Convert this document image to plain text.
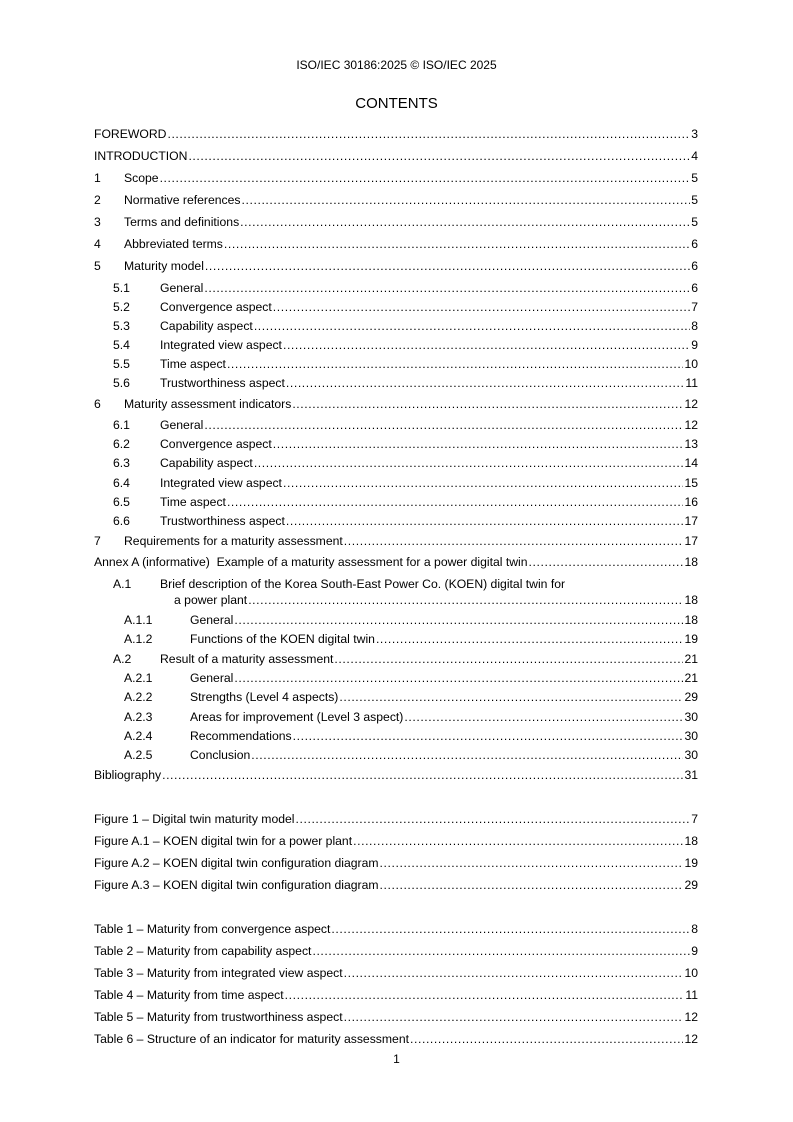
ISO/IEC 30186:2025 © ISO/IEC 2025
CONTENTS
FOREWORD .....	3
INTRODUCTION .....	4
1	Scope .....	5
2	Normative references .....	5
3	Terms and definitions .....	5
4	Abbreviated terms .....	6
5	Maturity model .....	6
5.1	General .....	6
5.2	Convergence aspect .....	7
5.3	Capability aspect .....	8
5.4	Integrated view aspect .....	9
5.5	Time aspect .....	10
5.6	Trustworthiness aspect .....	11
6	Maturity assessment indicators .....	12
6.1	General .....	12
6.2	Convergence aspect .....	13
6.3	Capability aspect .....	14
6.4	Integrated view aspect .....	15
6.5	Time aspect .....	16
6.6	Trustworthiness aspect .....	17
7	Requirements for a maturity assessment .....	17
Annex A (informative)  Example of a maturity assessment for a power digital twin .....	18
A.1 Brief description of the Korea South-East Power Co. (KOEN) digital twin for
a power plant .....	18
A.1.1	General .....	18
A.1.2	Functions of the KOEN digital twin .....	19
A.2	Result of a maturity assessment .....	21
A.2.1	General .....	21
A.2.2	Strengths (Level 4 aspects) .....	29
A.2.3	Areas for improvement (Level 3 aspect) .....	30
A.2.4	Recommendations .....	30
A.2.5	Conclusion .....	30
Bibliography .....	31
Figure 1 – Digital twin maturity model .....	7
Figure A.1 – KOEN digital twin for a power plant .....	18
Figure A.2 – KOEN digital twin configuration diagram .....	19
Figure A.3 – KOEN digital twin configuration diagram .....	29
Table 1 – Maturity from convergence aspect .....	8
Table 2 – Maturity from capability aspect .....	9
Table 3 – Maturity from integrated view aspect .....	10
Table 4 – Maturity from time aspect .....	11
Table 5 – Maturity from trustworthiness aspect .....	12
Table 6 – Structure of an indicator for maturity assessment .....	12
1
